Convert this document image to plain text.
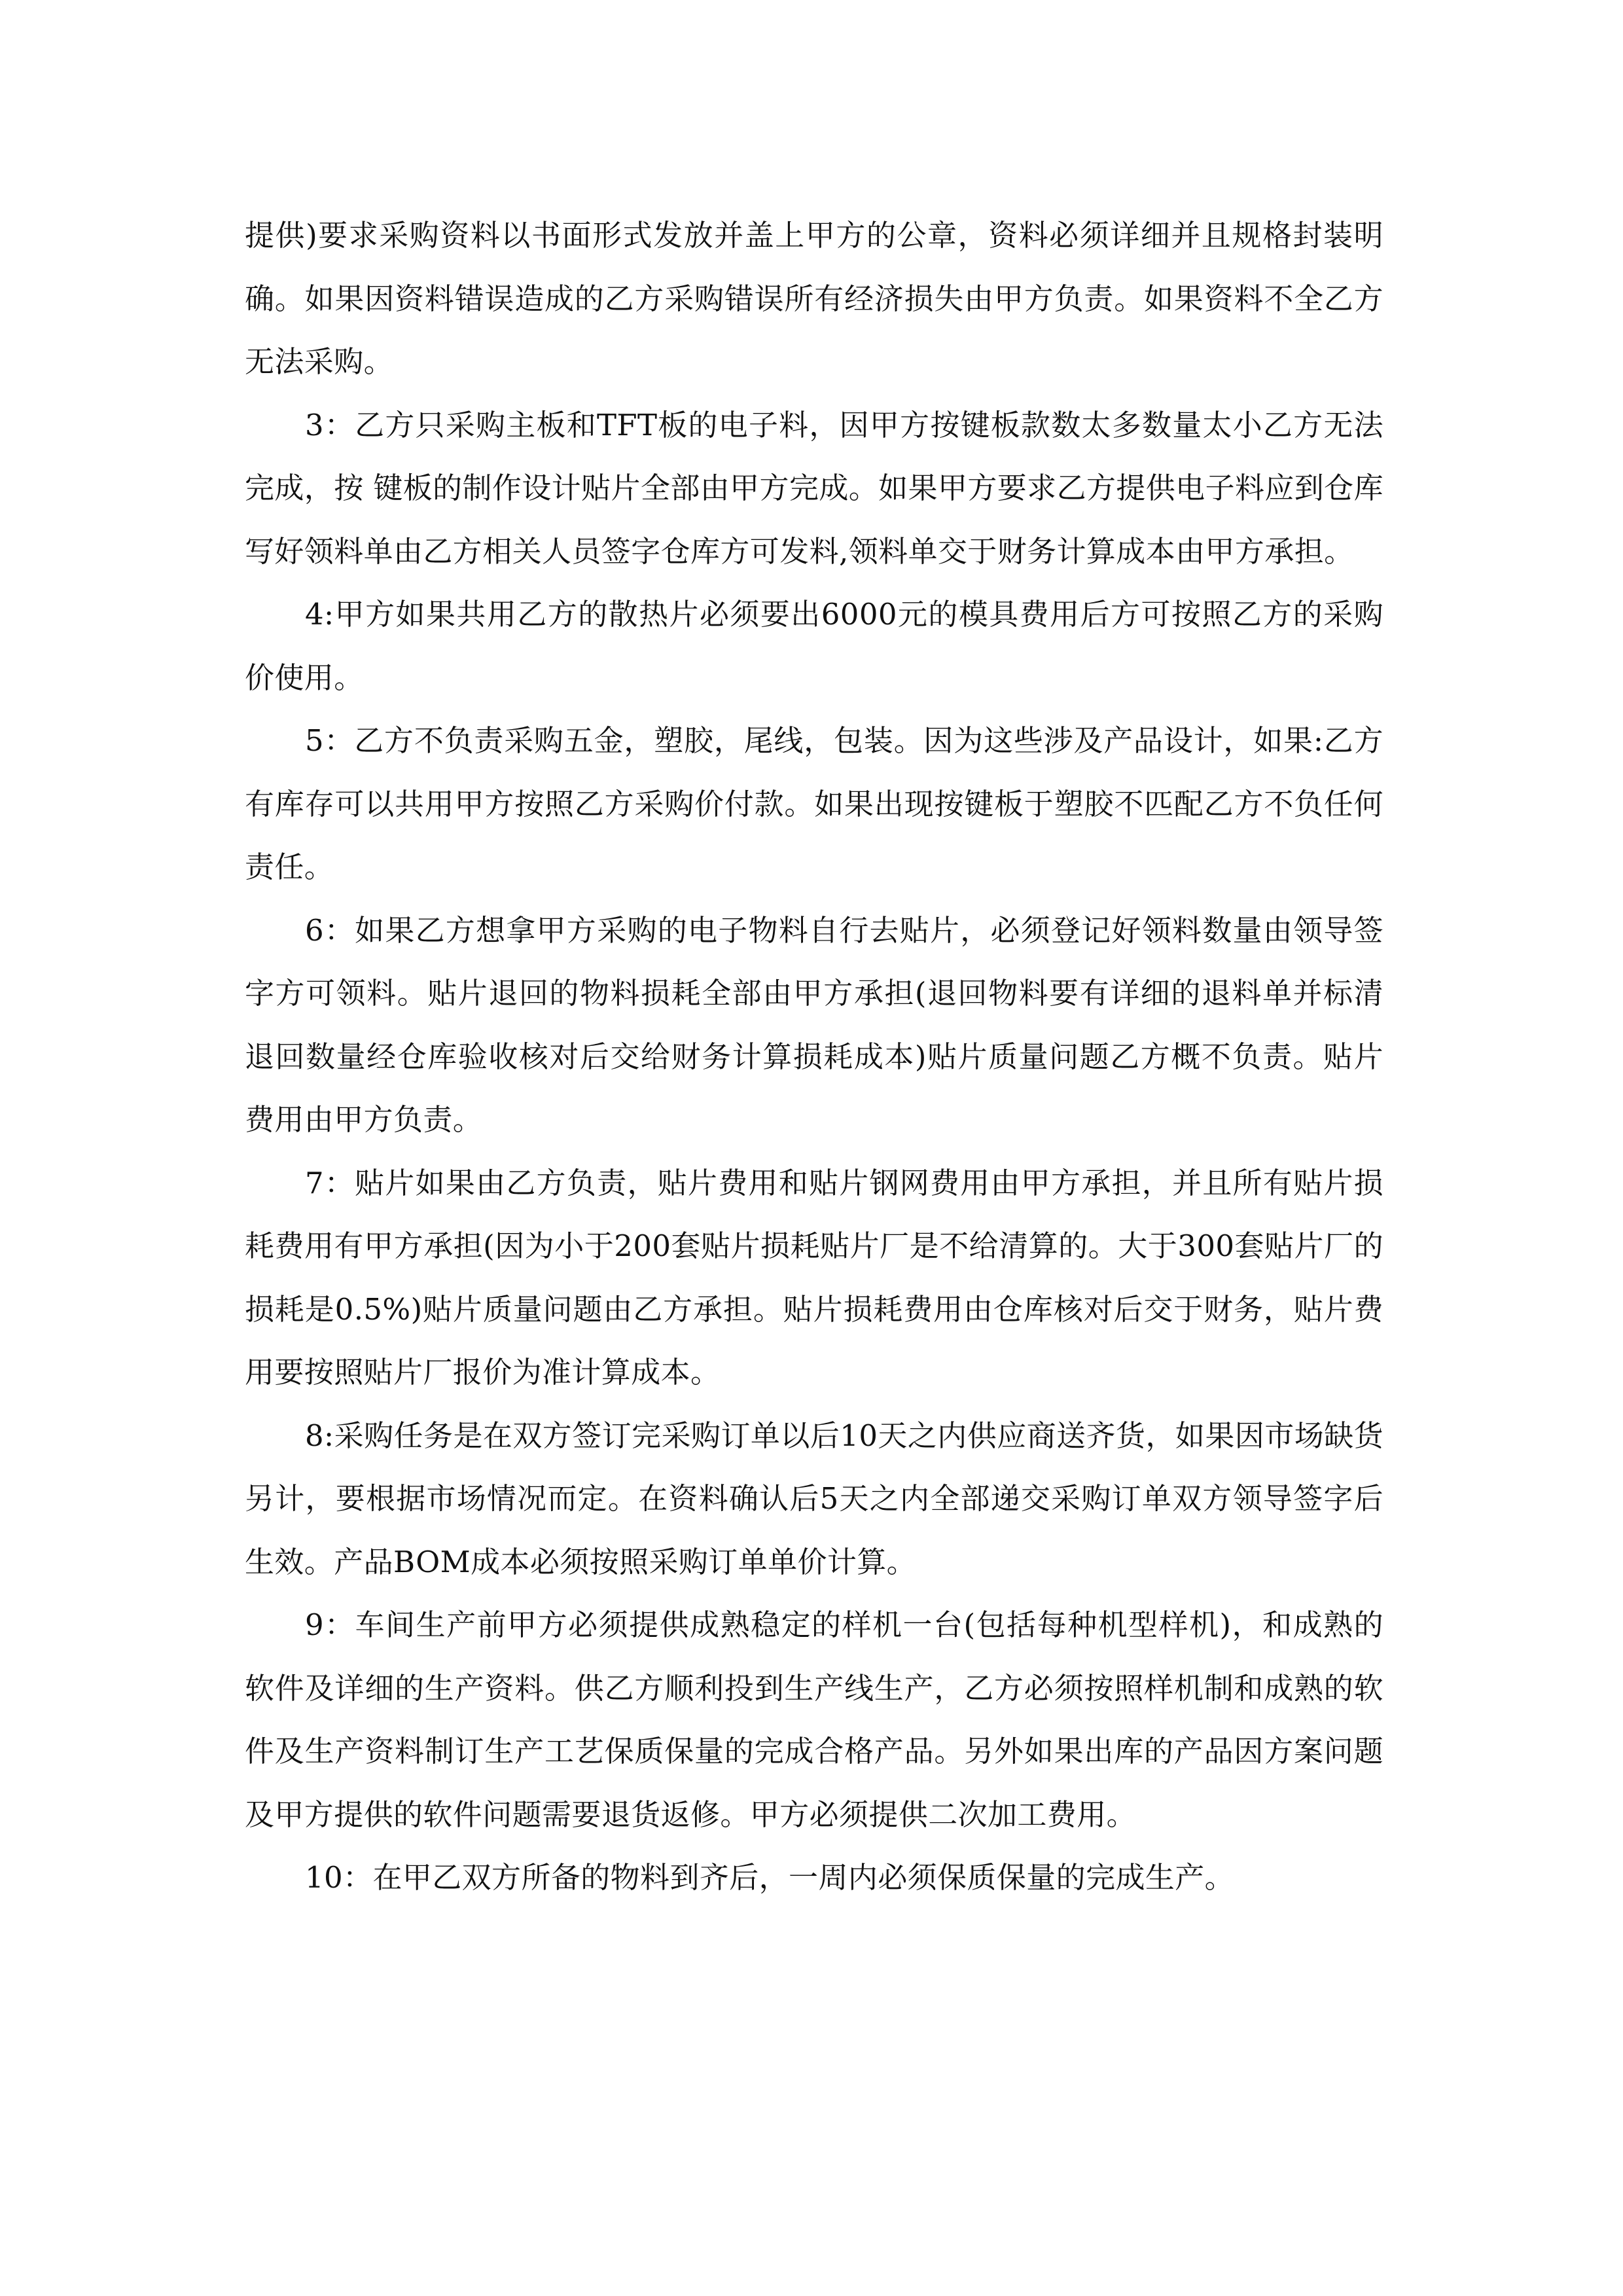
提供)要求采购资料以书面形式发放并盖上甲方的公章，资料必须详细并且规格封装明确。如果因资料错误造成的乙方采购错误所有经济损失由甲方负责。如果资料不全乙方无法采购。

3：乙方只采购主板和TFT板的电子料，因甲方按键板款数太多数量太小乙方无法完成，按 键板的制作设计贴片全部由甲方完成。如果甲方要求乙方提供电子料应到仓库写好领料单由乙方相关人员签字仓库方可发料,领料单交于财务计算成本由甲方承担。

4:甲方如果共用乙方的散热片必须要出6000元的模具费用后方可按照乙方的采购价使用。

5：乙方不负责采购五金，塑胶，尾线，包装。因为这些涉及产品设计，如果:乙方有库存可以共用甲方按照乙方采购价付款。如果出现按键板于塑胶不匹配乙方不负任何责任。

6：如果乙方想拿甲方采购的电子物料自行去贴片，必须登记好领料数量由领导签字方可领料。贴片退回的物料损耗全部由甲方承担(退回物料要有详细的退料单并标清退回数量经仓库验收核对后交给财务计算损耗成本)贴片质量问题乙方概不负责。贴片费用由甲方负责。

7：贴片如果由乙方负责，贴片费用和贴片钢网费用由甲方承担，并且所有贴片损耗费用有甲方承担(因为小于200套贴片损耗贴片厂是不给清算的。大于300套贴片厂的损耗是0.5%)贴片质量问题由乙方承担。贴片损耗费用由仓库核对后交于财务，贴片费用要按照贴片厂报价为准计算成本。

8:采购任务是在双方签订完采购订单以后10天之内供应商送齐货，如果因市场缺货另计，要根据市场情况而定。在资料确认后5天之内全部递交采购订单双方领导签字后生效。产品BOM成本必须按照采购订单单价计算。

9：车间生产前甲方必须提供成熟稳定的样机一台(包括每种机型样机)，和成熟的软件及详细的生产资料。供乙方顺利投到生产线生产，乙方必须按照样机制和成熟的软件及生产资料制订生产工艺保质保量的完成合格产品。另外如果出库的产品因方案问题及甲方提供的软件问题需要退货返修。甲方必须提供二次加工费用。

10：在甲乙双方所备的物料到齐后，一周内必须保质保量的完成生产。
